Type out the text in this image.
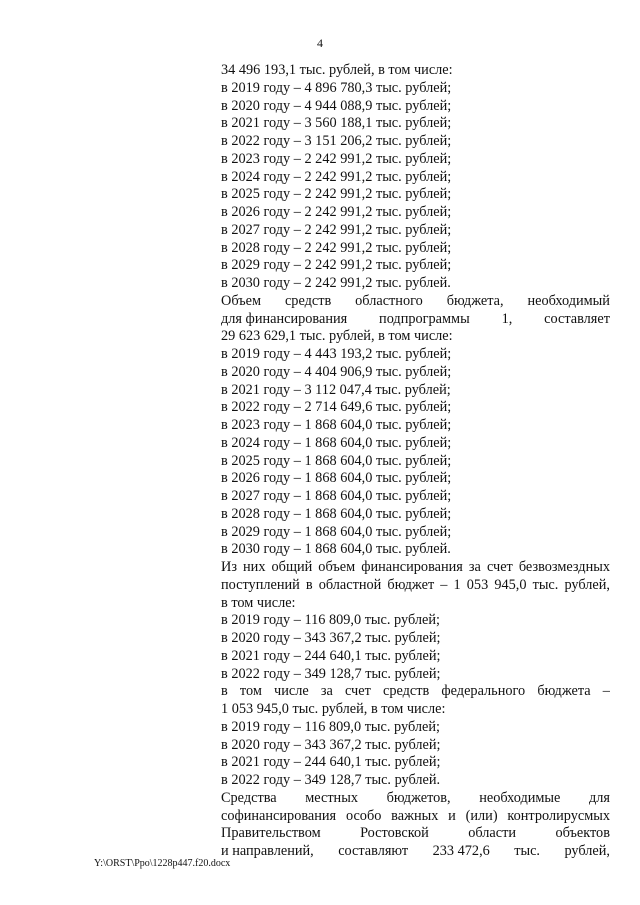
4
34 496 193,1 тыс. рублей, в том числе:
в 2019 году – 4 896 780,3 тыс. рублей;
в 2020 году – 4 944 088,9 тыс. рублей;
в 2021 году – 3 560 188,1 тыс. рублей;
в 2022 году – 3 151 206,2 тыс. рублей;
в 2023 году – 2 242 991,2 тыс. рублей;
в 2024 году – 2 242 991,2 тыс. рублей;
в 2025 году – 2 242 991,2 тыс. рублей;
в 2026 году – 2 242 991,2 тыс. рублей;
в 2027 году – 2 242 991,2 тыс. рублей;
в 2028 году – 2 242 991,2 тыс. рублей;
в 2029 году – 2 242 991,2 тыс. рублей;
в 2030 году – 2 242 991,2 тыс. рублей.
Объем средств областного бюджета, необходимый
для финансирования подпрограммы 1, составляет
29 623 629,1 тыс. рублей, в том числе:
в 2019 году – 4 443 193,2 тыс. рублей;
в 2020 году – 4 404 906,9 тыс. рублей;
в 2021 году – 3 112 047,4 тыс. рублей;
в 2022 году – 2 714 649,6 тыс. рублей;
в 2023 году – 1 868 604,0 тыс. рублей;
в 2024 году – 1 868 604,0 тыс. рублей;
в 2025 году – 1 868 604,0 тыс. рублей;
в 2026 году – 1 868 604,0 тыс. рублей;
в 2027 году – 1 868 604,0 тыс. рублей;
в 2028 году – 1 868 604,0 тыс. рублей;
в 2029 году – 1 868 604,0 тыс. рублей;
в 2030 году – 1 868 604,0 тыс. рублей.
Из них общий объем финансирования за счет безвозмездных
поступлений в областной бюджет – 1 053 945,0 тыс. рублей,
в том числе:
в 2019 году – 116 809,0 тыс. рублей;
в 2020 году – 343 367,2 тыс. рублей;
в 2021 году – 244 640,1 тыс. рублей;
в 2022 году – 349 128,7 тыс. рублей;
в том числе за счет средств федерального бюджета –
1 053 945,0 тыс. рублей, в том числе:
в 2019 году – 116 809,0 тыс. рублей;
в 2020 году – 343 367,2 тыс. рублей;
в 2021 году – 244 640,1 тыс. рублей;
в 2022 году – 349 128,7 тыс. рублей.
Средства местных бюджетов, необходимые для
софинансирования особо важных и (или) контролирусмых
Правительством	Ростовской	области	объектов
и направлений, составляют 233 472,6 тыс. рублей,
Y:\ORST\Ppo\1228p447.f20.docx
